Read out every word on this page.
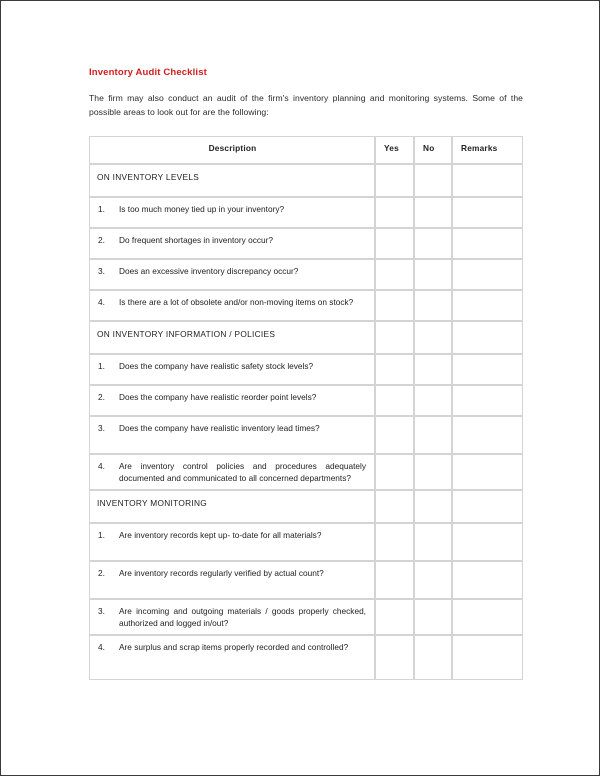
Inventory Audit Checklist

The firm may also conduct an audit of the firm's inventory planning and monitoring systems. Some of the possible areas to look out for are the following:

Description	Yes	No	Remarks
ON INVENTORY LEVELS			

1. Is too much money tied up in your inventory?			

2. Do frequent shortages in inventory occur?			

3. Does an excessive inventory discrepancy occur?			

4. Is there are a lot of obsolete and/or non-moving items on stock?			

ON INVENTORY INFORMATION / POLICIES			

1. Does the company have realistic safety stock levels?			

2. Does the company have realistic reorder point levels?			

3. Does the company have realistic inventory lead times?			

4. Are inventory control policies and procedures adequately documented and communicated to all concerned departments?			

INVENTORY MONITORING			

1. Are inventory records kept up- to-date for all materials?			

2. Are inventory records regularly verified by actual count?			

3. Are incoming and outgoing materials / goods properly checked, authorized and logged in/out?			

4. Are surplus and scrap items properly recorded and controlled?			
